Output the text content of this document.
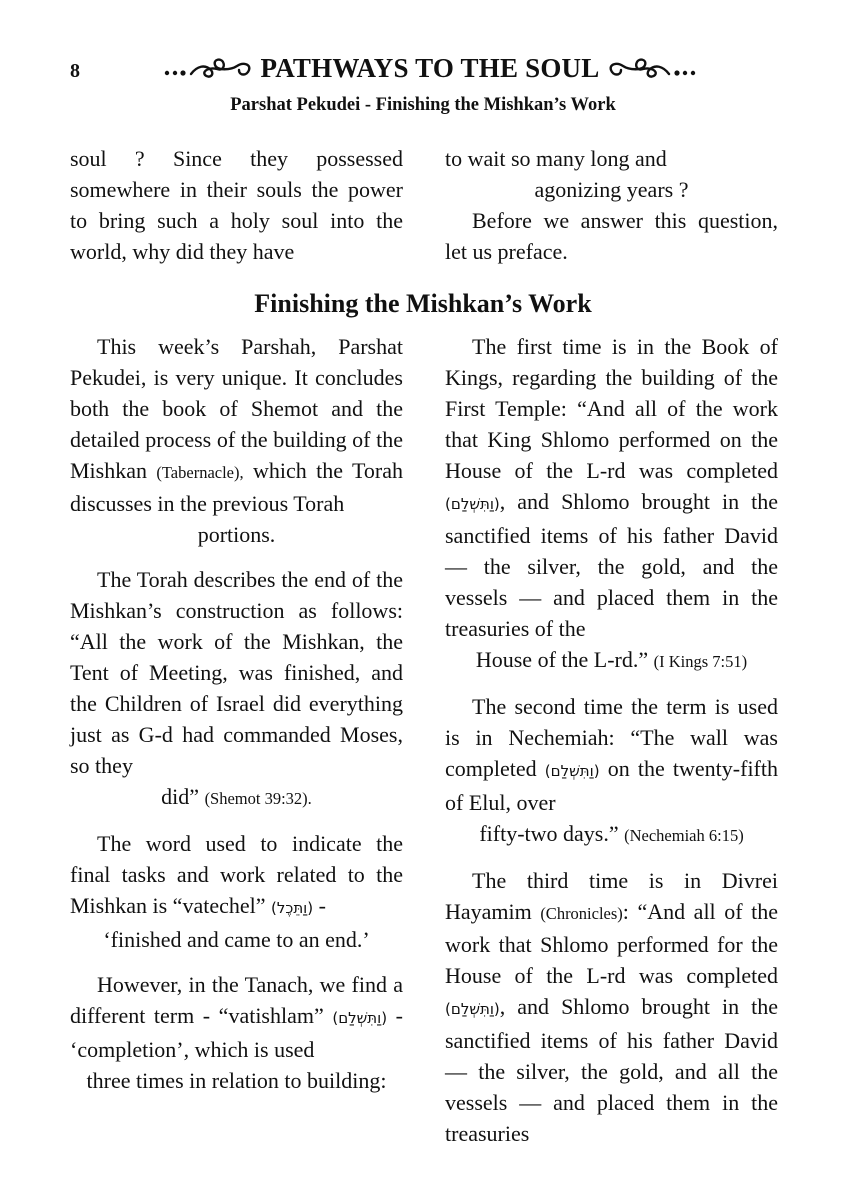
8	PATHWAYS TO THE SOUL
Parshat Pekudei - Finishing the Mishkan’s Work

soul ? Since they possessed somewhere in their souls the power to bring such a holy soul into the world, why did they have

to wait so many long and
agonizing years ?

Before we answer this question, let us preface.

Finishing the Mishkan’s Work

This week’s Parshah, Parshat Pekudei, is very unique. It concludes both the book of Shemot and the detailed process of the building of the Mishkan (Tabernacle), which the Torah discusses in the previous Torah
portions.

The Torah describes the end of the Mishkan’s construction as follows: “All the work of the Mishkan, the Tent of Meeting, was finished, and the Children of Israel did everything just as G-d had commanded Moses, so they
did” (Shemot 39:32).

The word used to indicate the final tasks and work related to the Mishkan is “vatechel” (וַתֵּכֶל) -
‘finished and came to an end.’

However, in the Tanach, we find a different term - “vatishlam” (וַתִּשְׁלַם) - ‘completion’, which is used
three times in relation to building:

The first time is in the Book of Kings, regarding the building of the First Temple: “And all of the work that King Shlomo performed on the House of the L-rd was completed (וַתִּשְׁלַם), and Shlomo brought in the sanctified items of his father David — the silver, the gold, and the vessels — and placed them in the treasuries of the
House of the L-rd.” (I Kings 7:51)

The second time the term is used is in Nechemiah: “The wall was completed (וַתִּשְׁלַם) on the twenty-fifth of Elul, over
fifty-two days.” (Nechemiah 6:15)

The third time is in Divrei Hayamim (Chronicles): “And all of the work that Shlomo performed for the House of the L-rd was completed (וַתִּשְׁלַם), and Shlomo brought in the sanctified items of his father David — the silver, the gold, and all the vessels — and placed them in the treasuries
